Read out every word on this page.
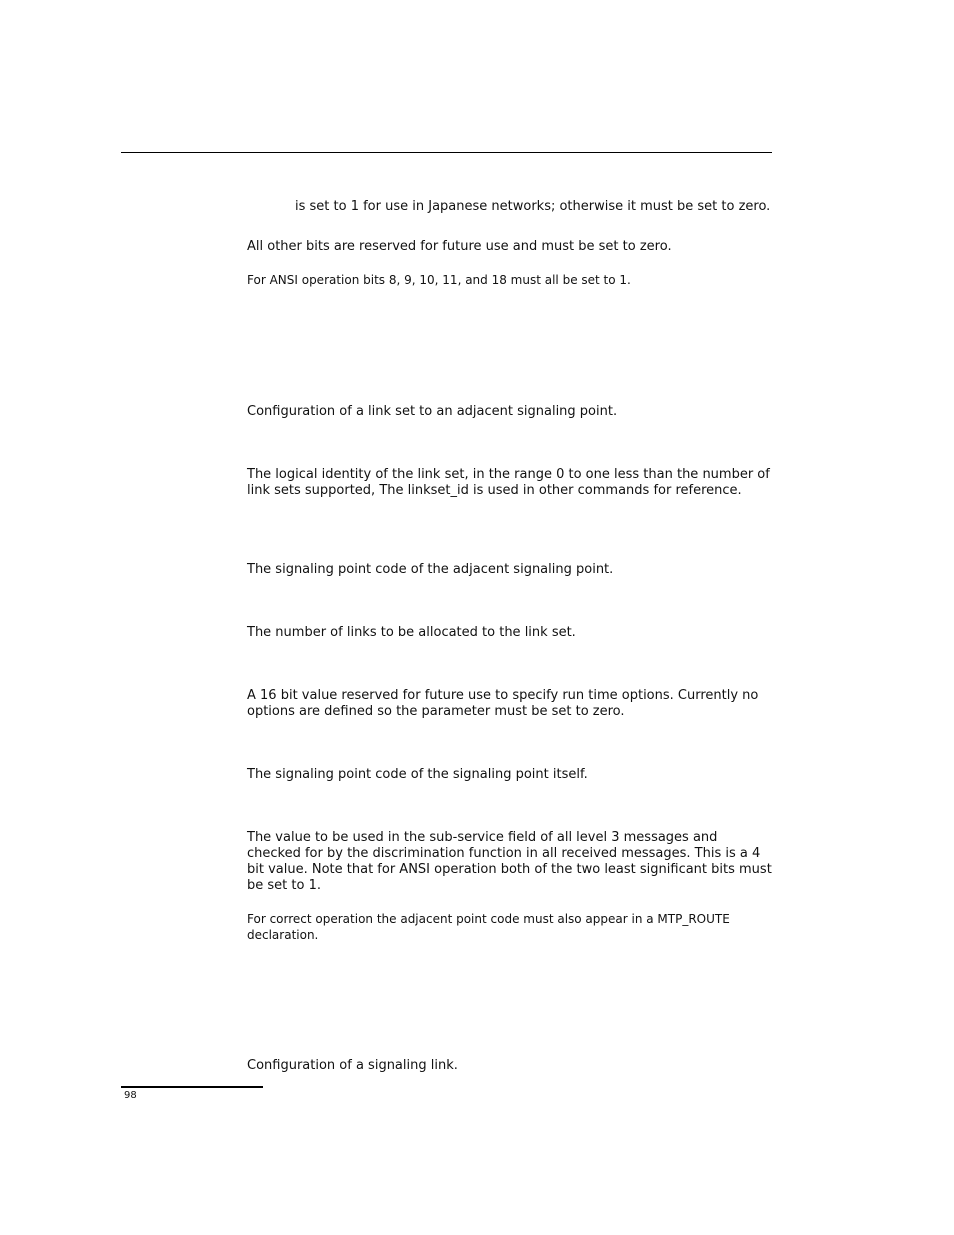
is set to 1 for use in Japanese networks; otherwise it must be set to zero.

All other bits are reserved for future use and must be set to zero.

For ANSI operation bits 8, 9, 10, 11, and 18 must all be set to 1.

Configuration of a link set to an adjacent signaling point.

The logical identity of the link set, in the range 0 to one less than the number of link sets supported, The linkset_id is used in other commands for reference.

The signaling point code of the adjacent signaling point.

The number of links to be allocated to the link set.

A 16 bit value reserved for future use to specify run time options. Currently no options are defined so the parameter must be set to zero.

The signaling point code of the signaling point itself.

The value to be used in the sub-service field of all level 3 messages and checked for by the discrimination function in all received messages. This is a 4 bit value. Note that for ANSI operation both of the two least significant bits must be set to 1.

For correct operation the adjacent point code must also appear in a MTP_ROUTE declaration.

Configuration of a signaling link.

98
